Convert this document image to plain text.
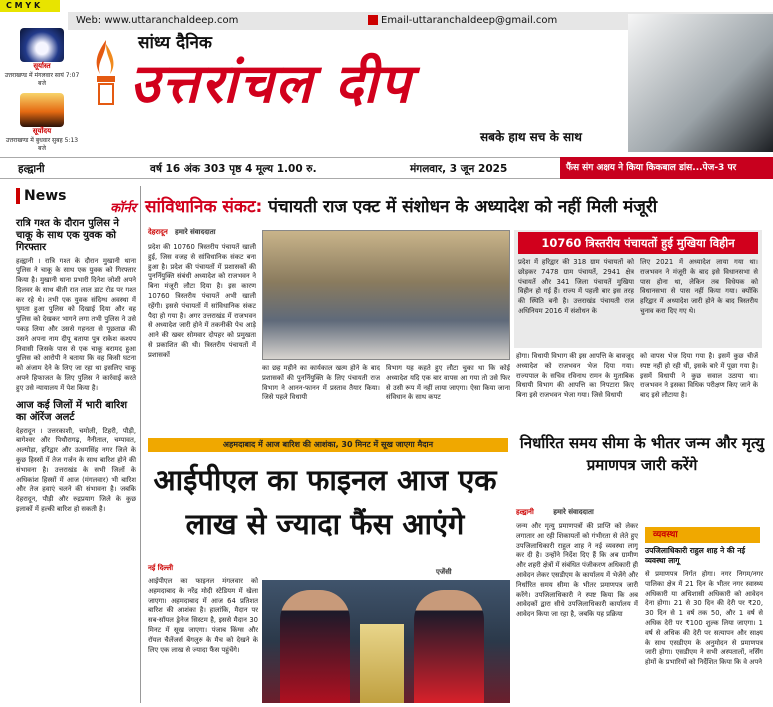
C M Y K
Web: www.uttaranchaldeep.com	Email-uttaranchaldeep@gmail.com
सूर्यास्त
उत्तराखण्ड में मंगलवार सायं 7:07 बजे
सूर्योदय
उत्तराखण्ड में बुधवार सुबह 5:13 बजे
सांध्य दैनिक
उत्तरांचल दीप
सबके हाथ सच के साथ
हल्द्वानी	वर्ष 16 अंक 303 पृष्ठ 4 मूल्य 1.00 रु.	मंगलवार, 3 जून 2025	फैंस संग अक्षय ने किया किकबाल डांस...पेज-3 पर
News
कॉर्नर
रात्रि गश्त के दौरान पुलिस ने चाकू के साथ एक युवक को गिरफ्तार
हल्द्वानी । रात्रि गश्त के दौरान मुखानी थाना पुलिस ने चाकू के साथ एक युवक को गिरफ्तार किया है। मुखानी थाना प्रभारी दिनेश जोशी अपने दिलवर के साथ बीती रात लाल डाट रोड पर गश्त कर रहे थे। तभी एक युवक संदिग्ध अवस्था में घूमता हुआ पुलिस को दिखाई दिया और वह पुलिस को देखकर भागने लगा तभी पुलिस ने उसे पकड़ लिया और उससे गहनता से पूछताछ की उसने अपना नाम दीपू बताया पुत्र राकेश कश्यप निवासी जिसके पास से एक चाकू बरामद हुआ पुलिस को आरोपी ने बताया कि वह किसी घटना को अंजाम देने के लिए जा रहा था इसलिए चाकू अपने हिफाजत के लिए पुलिस ने कार्रवाई करते हुए उसे न्यायालय में पेश किया है।
आज कई जिलों में भारी बारिश का ऑरेंज अलर्ट
देहरादून । उत्तरकाशी, चमोली, टिहरी, पौड़ी, बागेश्वर और पिथौरागढ़, नैनीताल, चम्पावत, अल्मोड़ा, हरिद्वार और ऊधमसिंह नगर जिले के कुछ हिस्सों में तेज गर्जन के साथ बारिश होने की संभावना है। उत्तराखंड के सभी जिलों के अधिकांश हिस्सों में आज (मंगलवार) भी बारिश और तेज हवाएं चलने की संभावना है। जबकि देहरादून, पौड़ी और रुद्रप्रयाग जिले के कुछ इलाकों में हल्की बारिश हो सकती है।
सांविधानिक संकट: पंचायती राज एक्ट में संशोधन के अध्यादेश को नहीं मिली मंजूरी
देहरादून हमारे संवाददाता
प्रदेश की 10760 त्रिस्तरीय पंचायतें खाली हुई, जिस वजह से सांविधानिक संकट बना हुआ है। प्रदेश की पंचायतों में प्रशासकों की पुनर्नियुक्ति संबंधी अध्यादेश को राजभवन ने बिना मंजूरी लौटा दिया है। इस कारण 10760 त्रिस्तरीय पंचायतें अभी खाली रहेंगी। इससे पंचायतों में सांविधानिक संकट पैदा हो गया है। अगर उत्तराखंड में राजभवन से अध्यादेश जारी होने में तकनीकी पेच आड़े आने की खबर सोमवार दोपहर को प्रमुखता से प्रकाशित की थी। त्रिस्तरीय पंचायतों में प्रशासकों
का छह महीने का कार्यकाल खत्म होने के बाद प्रशासकों की पुनर्नियुक्ति के लिए पंचायती राज विभाग ने आनन-फानन में प्रस्ताव तैयार किया। जिसे पहले विधायी
विभाग यह कहते हुए लौटा चुका था कि कोई अध्यादेश यदि एक बार वापस आ गया तो उसे फिर से उसी रूप में नहीं लाया जाएगा। ऐसा किया जाना संविधान के साथ कपट
10760 त्रिस्तरीय पंचायतों हुई मुखिया विहीन
प्रदेश में हरिद्वार की 318 ग्राम पंचायतों को छोड़कर 7478 ग्राम पंचायतें, 2941 क्षेत्र पंचायतें और 341 जिला पंचायतें मुखिया विहीन हो गई हैं। राज्य में पहली बार इस तरह की स्थिति बनी है। उत्तराखंड पंचायती राज अधिनियम 2016 में संशोधन के
लिए 2021 में अध्यादेश लाया गया था। राजभवन ने मंजूरी के बाद इसे विधानसभा से पास होना था, लेकिन तब विधेयक को विधानसभा से पास नहीं किया गया। क्योंकि हरिद्वार में अध्यादेश जारी होने के बाद त्रिस्तरीय चुनाव करा दिए गए थे।
होगा। विधायी विभाग की इस आपत्ति के बावजूद अध्यादेश को राजभवन भेज दिया गया। राज्यपाल के सचिव रविनाथ रामन के मुताबिक विधायी विभाग की आपत्ति का निपटारा किए बिना इसे राजभवन भेजा गया। जिसे विधायी
को वापस भेज दिया गया है। इसमें कुछ चीजें स्पष्ट नहीं हो रही थीं, इसके बारे में पूछा गया है। इसमें विधायी ने कुछ सवाल उठाया था। राजभवन ने इसका विधिक परीक्षण किए जाने के बाद इसे लौटाया है।
अहमदाबाद में आज बारिश की आशंका, 30 मिनट में सूख जाएगा मैदान
आईपीएल का फाइनल आज एक लाख से ज्यादा फैंस आएंगे
नई दिल्ली
आईपीएल का फाइनल मंगलवार को अहमदाबाद के नरेंद्र मोदी स्टेडियम में खेला जाएगा। अहमदाबाद में आज 64 प्रतिशत बारिश की आशंका है। हालांकि, मैदान पर सब-सॉयल ड्रेनेज सिस्टम है, इससे मैदान 30 मिनट में सूख जाएगा। पंजाब किंग्स और रॉयल चैलेंजर्स बेंगलुरु के मैच को देखने के लिए एक लाख से ज्यादा फैंस पहुंचेंगे।
एजेंसी
निर्धारित समय सीमा के भीतर जन्म और मृत्यु प्रमाणपत्र जारी करेंगे
हल्द्वानी	हमारे संवाददाता
जन्म और मृत्यु प्रमाणपत्रों की प्राप्ति को लेकर लगातार आ रही शिकायतों को गंभीरता से लेते हुए उपजिलाधिकारी राहुल शाह ने नई व्यवस्था लागू कर दी है। उन्होंने निर्देश दिए हैं कि अब ग्रामीण और शहरी क्षेत्रों में संबंधित पंजीकरण अधिकारी ही आवेदन लेकर एसडीएम के कार्यालय में भेजेंगे और निर्धारित समय सीमा के भीतर प्रमाणपत्र जारी करेंगे। उपजिलाधिकारी ने स्पष्ट किया कि अब आवेदकों द्वारा सीधे उपजिलाधिकारी कार्यालय में आवेदन किया जा रहा है, जबकि यह प्रक्रिया
व्यवस्था
उपजिलाधिकारी राहुल शाह ने की नई व्यवस्था लागू
से प्रमाणपत्र निर्गत होगा। नगर निगम/नगर पालिका क्षेत्र में 21 दिन के भीतर नगर स्वास्थ्य अधिकारी या अधिशासी अधिकारी को आवेदन देना होगा। 21 से 30 दिन की देरी पर ₹20, 30 दिन से 1 वर्ष तक 50, और 1 वर्ष से अधिक देरी पर ₹100 शुल्क लिया जाएगा। 1 वर्ष से अधिक की देरी पर सत्यापन और साक्ष्य के साथ एसडीएम के अनुमोदन से प्रमाणपत्र जारी होगा। एसडीएम ने सभी अस्पतालों, नर्सिंग होमों के प्रभारियों को निर्देशित किया कि वे अपने
